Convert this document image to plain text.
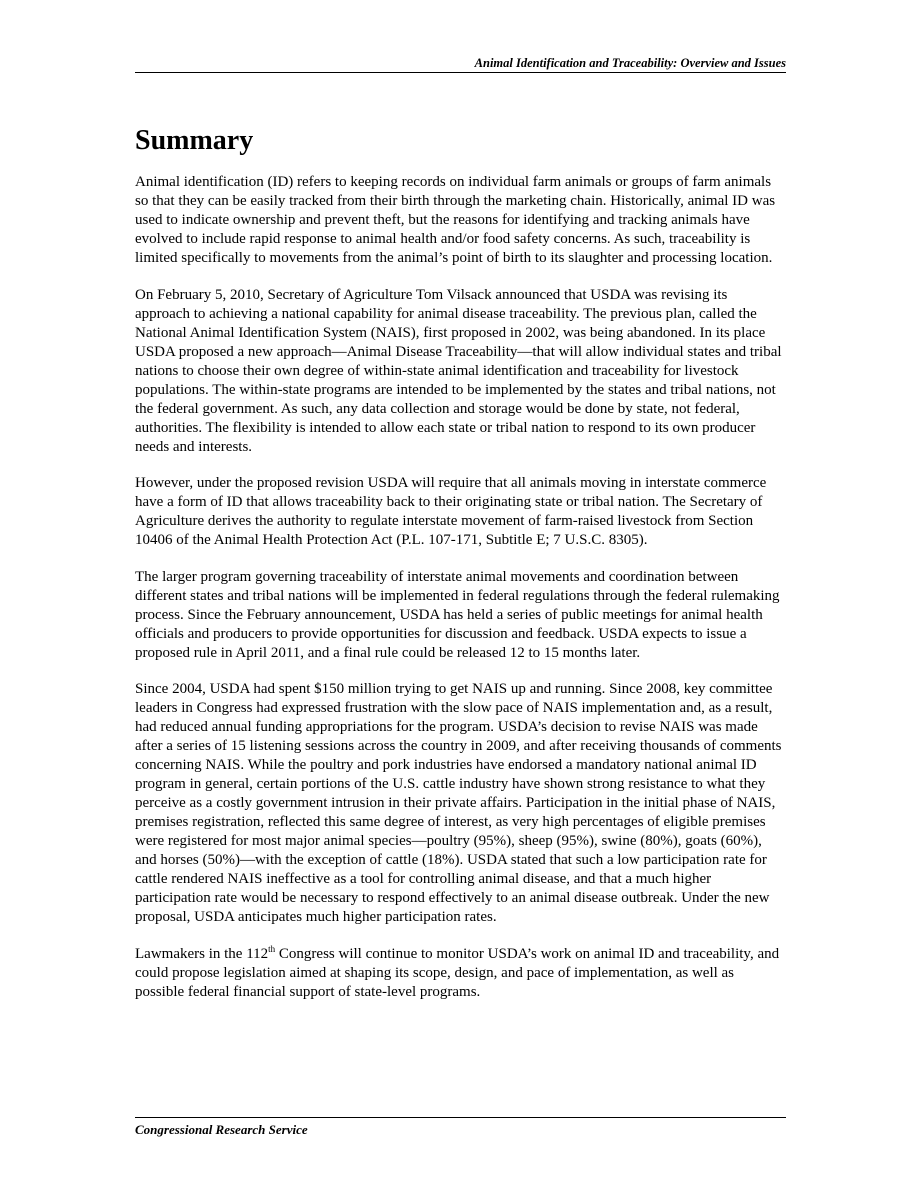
Animal Identification and Traceability: Overview and Issues
Summary

Animal identification (ID) refers to keeping records on individual farm animals or groups of farm animals so that they can be easily tracked from their birth through the marketing chain. Historically, animal ID was used to indicate ownership and prevent theft, but the reasons for identifying and tracking animals have evolved to include rapid response to animal health and/or food safety concerns. As such, traceability is limited specifically to movements from the animal’s point of birth to its slaughter and processing location.

On February 5, 2010, Secretary of Agriculture Tom Vilsack announced that USDA was revising its approach to achieving a national capability for animal disease traceability. The previous plan, called the National Animal Identification System (NAIS), first proposed in 2002, was being abandoned. In its place USDA proposed a new approach—Animal Disease Traceability—that will allow individual states and tribal nations to choose their own degree of within-state animal identification and traceability for livestock populations. The within-state programs are intended to be implemented by the states and tribal nations, not the federal government. As such, any data collection and storage would be done by state, not federal, authorities. The flexibility is intended to allow each state or tribal nation to respond to its own producer needs and interests.

However, under the proposed revision USDA will require that all animals moving in interstate commerce have a form of ID that allows traceability back to their originating state or tribal nation. The Secretary of Agriculture derives the authority to regulate interstate movement of farm-raised livestock from Section 10406 of the Animal Health Protection Act (P.L. 107-171, Subtitle E; 7 U.S.C. 8305).

The larger program governing traceability of interstate animal movements and coordination between different states and tribal nations will be implemented in federal regulations through the federal rulemaking process. Since the February announcement, USDA has held a series of public meetings for animal health officials and producers to provide opportunities for discussion and feedback. USDA expects to issue a proposed rule in April 2011, and a final rule could be released 12 to 15 months later.

Since 2004, USDA had spent $150 million trying to get NAIS up and running. Since 2008, key committee leaders in Congress had expressed frustration with the slow pace of NAIS implementation and, as a result, had reduced annual funding appropriations for the program. USDA’s decision to revise NAIS was made after a series of 15 listening sessions across the country in 2009, and after receiving thousands of comments concerning NAIS. While the poultry and pork industries have endorsed a mandatory national animal ID program in general, certain portions of the U.S. cattle industry have shown strong resistance to what they perceive as a costly government intrusion in their private affairs. Participation in the initial phase of NAIS, premises registration, reflected this same degree of interest, as very high percentages of eligible premises were registered for most major animal species—poultry (95%), sheep (95%), swine (80%), goats (60%), and horses (50%)—with the exception of cattle (18%). USDA stated that such a low participation rate for cattle rendered NAIS ineffective as a tool for controlling animal disease, and that a much higher participation rate would be necessary to respond effectively to an animal disease outbreak. Under the new proposal, USDA anticipates much higher participation rates.

Lawmakers in the 112th Congress will continue to monitor USDA’s work on animal ID and traceability, and could propose legislation aimed at shaping its scope, design, and pace of implementation, as well as possible federal financial support of state-level programs.

Congressional Research Service
